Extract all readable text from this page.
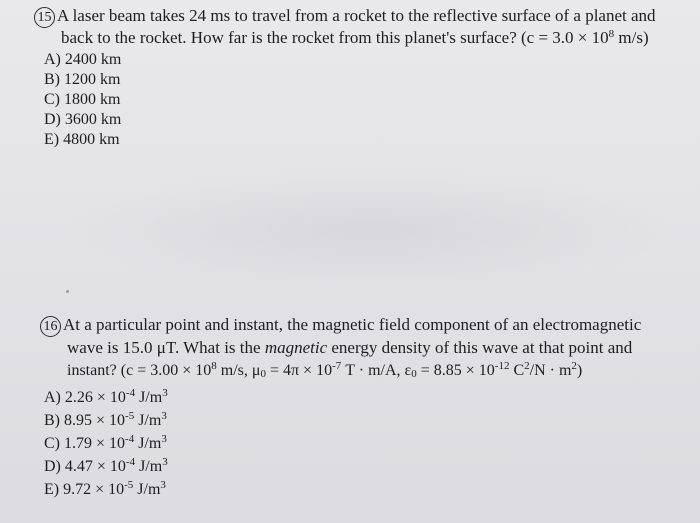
15 A laser beam takes 24 ms to travel from a rocket to the reflective surface of a planet and
back to the rocket. How far is the rocket from this planet's surface? ($c = 3.0 \times 10^8$ m/s)
A) 2400 km
B) 1200 km
C) 1800 km
D) 3600 km
E) 4800 km
16 At a particular point and instant, the magnetic field component of an electromagnetic
wave is 15.0 μT. What is the magnetic energy density of this wave at that point and
instant? ($c = 3.00 \times 10^8$ m/s, $\mu_0 = 4\pi \times 10^{-7}$ T · m/A, $\varepsilon_0 = 8.85 \times 10^{-12}$ $C^2/N \cdot m^2$)
A) $2.26 \times 10^{-4}$ $J/m^3$
B) $8.95 \times 10^{-5}$ $J/m^3$
C) $1.79 \times 10^{-4}$ $J/m^3$
D) $4.47 \times 10^{-4}$ $J/m^3$
E) $9.72 \times 10^{-5}$ $J/m^3$
